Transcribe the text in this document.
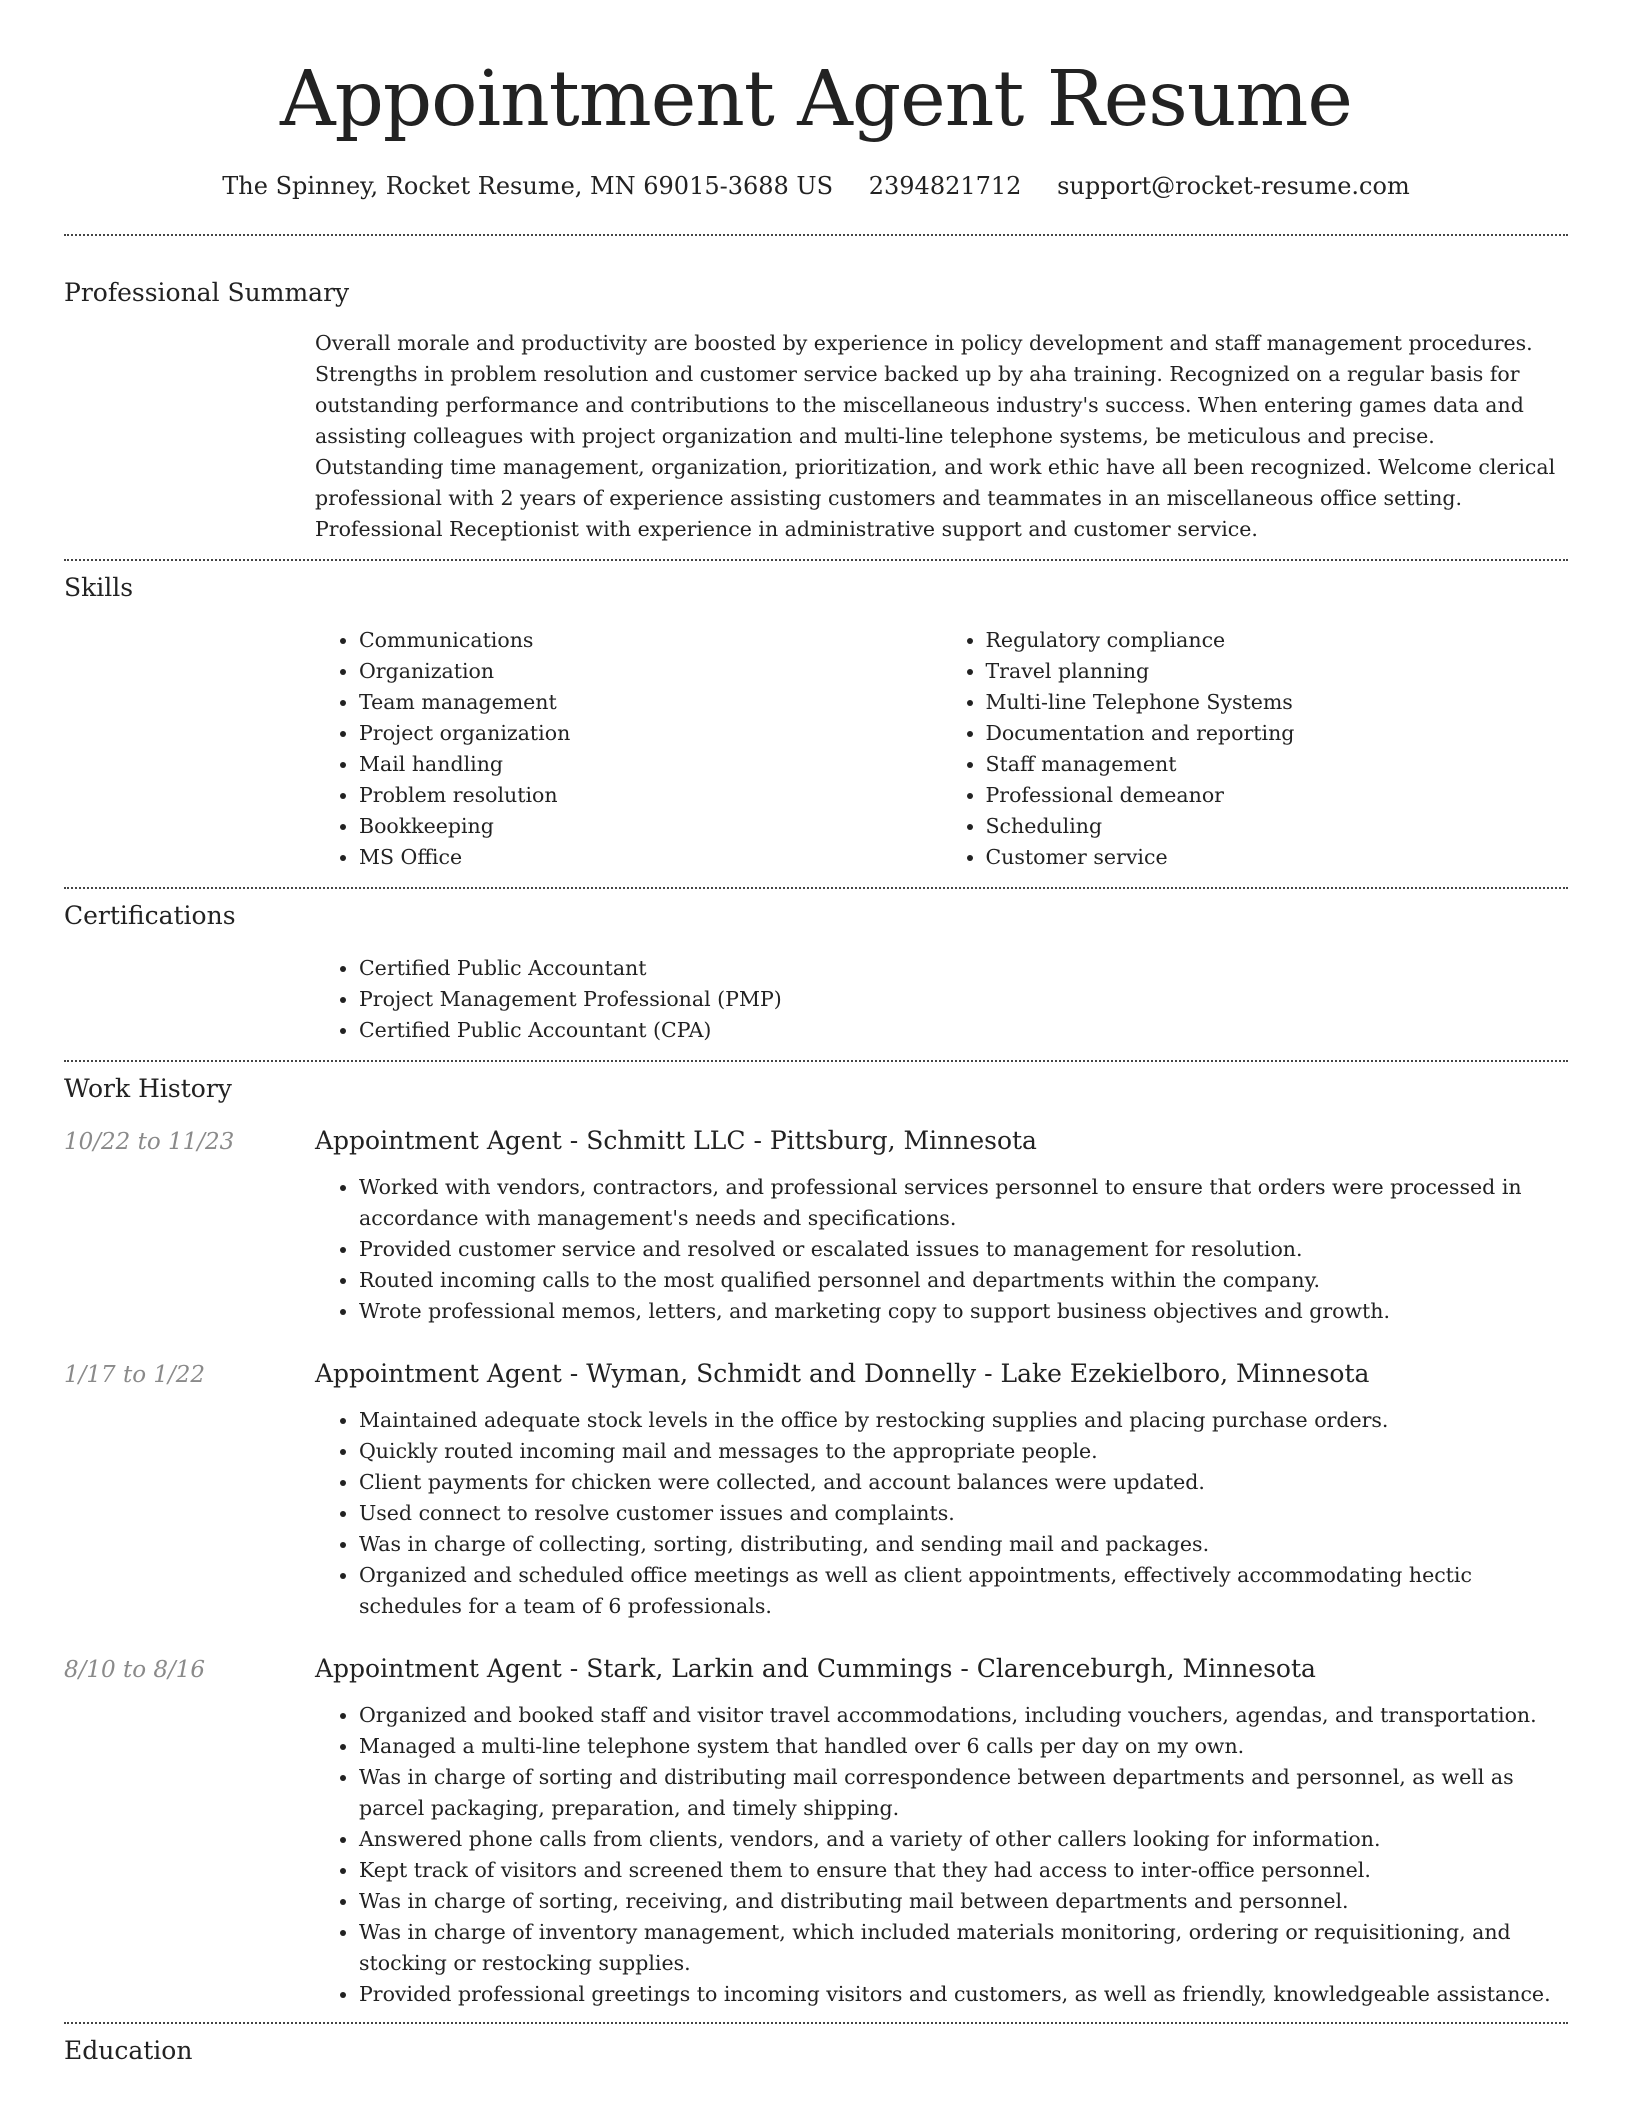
Appointment Agent Resume
The Spinney, Rocket Resume, MN 69015-3688 US 2394821712 support@rocket-resume.com
Professional Summary

Overall morale and productivity are boosted by experience in policy development and staff management procedures. Strengths in problem resolution and customer service backed up by aha training. Recognized on a regular basis for outstanding performance and contributions to the miscellaneous industry's success. When entering games data and assisting colleagues with project organization and multi-line telephone systems, be meticulous and precise. Outstanding time management, organization, prioritization, and work ethic have all been recognized. Welcome clerical professional with 2 years of experience assisting customers and teammates in an miscellaneous office setting. Professional Receptionist with experience in administrative support and customer service.

Skills
• Communications
• Organization
• Team management
• Project organization
• Mail handling
• Problem resolution
• Bookkeeping
• MS Office
• Regulatory compliance
• Travel planning
• Multi-line Telephone Systems
• Documentation and reporting
• Staff management
• Professional demeanor
• Scheduling
• Customer service
Certifications
• Certified Public Accountant
• Project Management Professional (PMP)
• Certified Public Accountant (CPA)
Work History
10/22 to 11/23	Appointment Agent - Schmitt LLC - Pittsburg, Minnesota
• Worked with vendors, contractors, and professional services personnel to ensure that orders were processed in accordance with management's needs and specifications.
• Provided customer service and resolved or escalated issues to management for resolution.
• Routed incoming calls to the most qualified personnel and departments within the company.
• Wrote professional memos, letters, and marketing copy to support business objectives and growth.
1/17 to 1/22	Appointment Agent - Wyman, Schmidt and Donnelly - Lake Ezekielboro, Minnesota
• Maintained adequate stock levels in the office by restocking supplies and placing purchase orders.
• Quickly routed incoming mail and messages to the appropriate people.
• Client payments for chicken were collected, and account balances were updated.
• Used connect to resolve customer issues and complaints.
• Was in charge of collecting, sorting, distributing, and sending mail and packages.
• Organized and scheduled office meetings as well as client appointments, effectively accommodating hectic schedules for a team of 6 professionals.
8/10 to 8/16	Appointment Agent - Stark, Larkin and Cummings - Clarenceburgh, Minnesota
• Organized and booked staff and visitor travel accommodations, including vouchers, agendas, and transportation.
• Managed a multi-line telephone system that handled over 6 calls per day on my own.
• Was in charge of sorting and distributing mail correspondence between departments and personnel, as well as parcel packaging, preparation, and timely shipping.
• Answered phone calls from clients, vendors, and a variety of other callers looking for information.
• Kept track of visitors and screened them to ensure that they had access to inter-office personnel.
• Was in charge of sorting, receiving, and distributing mail between departments and personnel.
• Was in charge of inventory management, which included materials monitoring, ordering or requisitioning, and stocking or restocking supplies.
• Provided professional greetings to incoming visitors and customers, as well as friendly, knowledgeable assistance.
Education
